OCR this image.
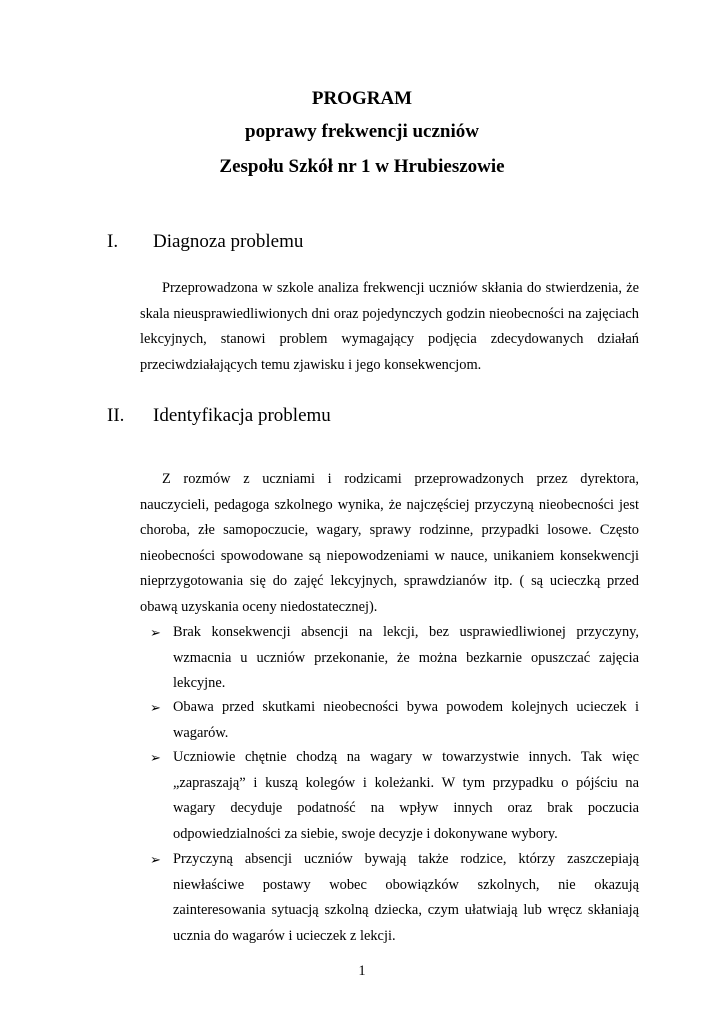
PROGRAM
poprawy frekwencji uczniów
Zespołu Szkół nr 1 w Hrubieszowie
I. Diagnoza problemu
Przeprowadzona w szkole analiza frekwencji uczniów skłania do stwierdzenia, że skala nieusprawiedliwionych dni oraz pojedynczych godzin nieobecności na zajęciach lekcyjnych, stanowi problem wymagający podjęcia zdecydowanych działań przeciwdziałających temu zjawisku i jego konsekwencjom.
II. Identyfikacja problemu
Z rozmów z uczniami i rodzicami przeprowadzonych przez dyrektora, nauczycieli, pedagoga szkolnego wynika, że najczęściej przyczyną nieobecności jest choroba, złe samopoczucie, wagary, sprawy rodzinne, przypadki losowe. Często nieobecności spowodowane są niepowodzeniami w nauce, unikaniem konsekwencji nieprzygotowania się do zajęć lekcyjnych, sprawdzianów itp. ( są ucieczką przed obawą uzyskania oceny niedostatecznej).
➢ Brak konsekwencji absencji na lekcji, bez usprawiedliwionej przyczyny, wzmacnia u uczniów przekonanie, że można bezkarnie opuszczać zajęcia lekcyjne.
➢ Obawa przed skutkami nieobecności bywa powodem kolejnych ucieczek i wagarów.
➢ Uczniowie chętnie chodzą na wagary w towarzystwie innych. Tak więc „zapraszają” i kuszą kolegów i koleżanki. W tym przypadku o pójściu na wagary decyduje podatność na wpływ innych oraz brak poczucia odpowiedzialności za siebie, swoje decyzje i dokonywane wybory.
➢ Przyczyną absencji uczniów bywają także rodzice, którzy zaszczepiają niewłaściwe postawy wobec obowiązków szkolnych, nie okazują zainteresowania sytuacją szkolną dziecka, czym ułatwiają lub wręcz skłaniają ucznia do wagarów i ucieczek z lekcji.
1
